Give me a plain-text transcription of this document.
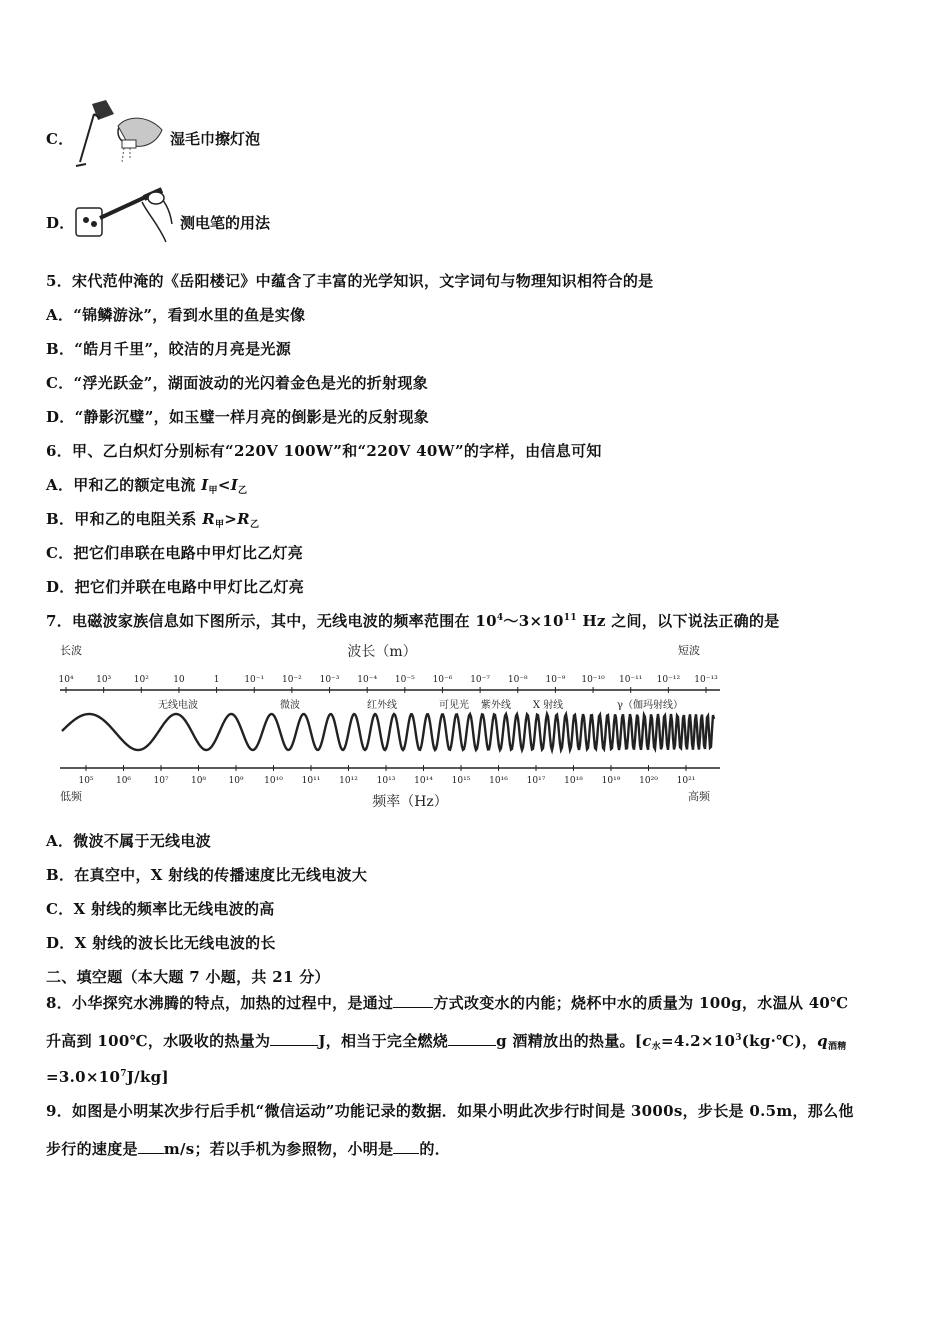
C．	湿毛巾擦灯泡
D．	测电笔的用法
5．宋代范仲淹的《岳阳楼记》中蕴含了丰富的光学知识，文字词句与物理知识相符合的是
A．“锦鳞游泳”，看到水里的鱼是实像
B．“皓月千里”，皎洁的月亮是光源
C．“浮光跃金”，湖面波动的光闪着金色是光的折射现象
D．“静影沉璧”，如玉璧一样月亮的倒影是光的反射现象
6．甲、乙白炽灯分别标有“220V 100W”和“220V 40W”的字样，由信息可知
A．甲和乙的额定电流 $I_甲<I_乙$
B．甲和乙的电阻关系 $R_甲>R_乙$
C．把它们串联在电路中甲灯比乙灯亮
D．把它们并联在电路中甲灯比乙灯亮
7．电磁波家族信息如下图所示，其中，无线电波的频率范围在 $10^4\sim 3\times 10^{11}$ Hz 之间，以下说法正确的是
长波	短波
波长（m）
10⁴	10³	10²	10	1	10⁻¹ 10⁻² 10⁻³ 10⁻⁴ 10⁻⁵ 10⁻⁶ 10⁻⁷ 10⁻⁸ 10⁻⁹ 10⁻¹⁰ 10⁻¹¹ 10⁻¹² 10⁻¹³
无线电波	微波	红外线	可见光 紫外线 X 射线	γ（伽玛射线）
10⁵ 10⁶ 10⁷ 10⁸ 10⁹ 10¹⁰ 10¹¹ 10¹² 10¹³ 10¹⁴ 10¹⁵ 10¹⁶ 10¹⁷ 10¹⁸ 10¹⁹ 10²⁰ 10²¹
低频	高频
频率（Hz）
A．微波不属于无线电波
B．在真空中，X 射线的传播速度比无线电波大
C．X 射线的频率比无线电波的高
D．X 射线的波长比无线电波的长
二、填空题（本大题 7 小题，共 21 分）
8．小华探究水沸腾的特点，加热的过程中，是通过	方式改变水的内能；烧杯中水的质量为 100g，水温从 40℃
升高到 100℃，水吸收的热量为	J，相当于完全燃烧	g 酒精放出的热量。[$c_水=4.2\times 10^3(kg\cdot℃)$，$q_{酒精}$
$=3.0\times 10^7J/kg$]
9．如图是小明某次步行后手机“微信运动”功能记录的数据．如果小明此次步行时间是 3000s，步长是 0.5m，那么他
步行的速度是 m/s；若以手机为参照物，小明是 的．
